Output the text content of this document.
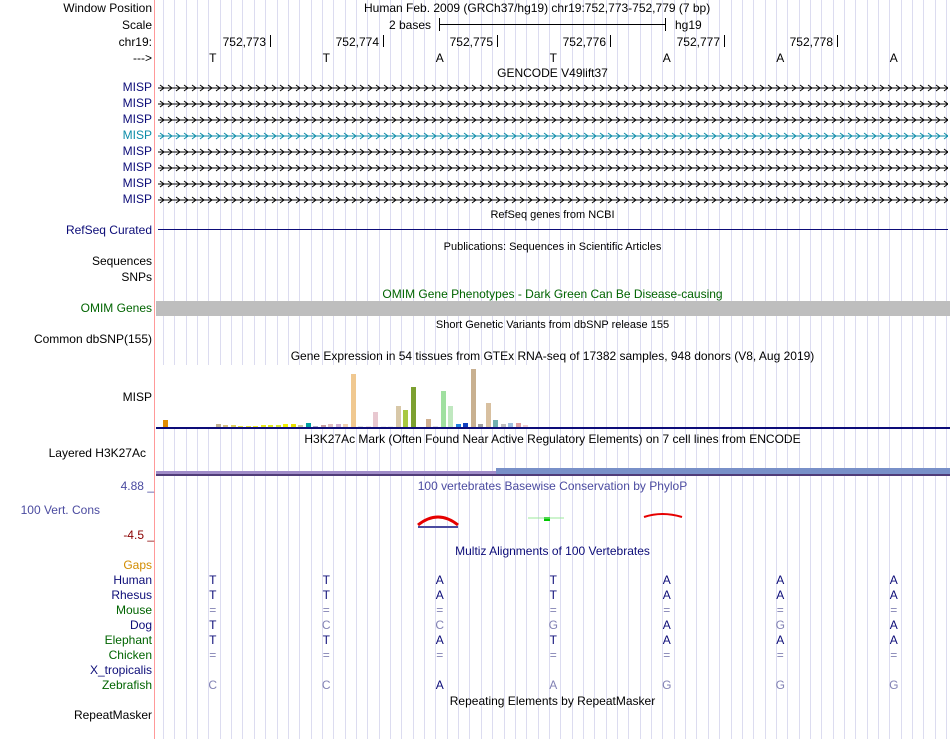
Window Position	Human Feb. 2009 (GRCh37/hg19) chr19:752,773-752,779 (7 bp)
Scale	2 bases	hg19
chr19:	752,773	752,774	752,775	752,776	752,777	752,778
--->	T	T	A	T	A	A	A
GENCODE V49lift37
MISP
MISP
MISP
MISP
MISP
MISP
MISP
MISP
RefSeq genes from NCBI
RefSeq Curated
Publications: Sequences in Scientific Articles
Sequences
SNPs
OMIM Gene Phenotypes - Dark Green Can Be Disease-causing
OMIM Genes
Short Genetic Variants from dbSNP release 155
Common dbSNP(155)
Gene Expression in 54 tissues from GTEx RNA-seq of 17382 samples, 948 donors (V8, Aug 2019)
MISP
H3K27Ac Mark (Often Found Near Active Regulatory Elements) on 7 cell lines from ENCODE
Layered H3K27Ac
4.88 _	100 vertebrates Basewise Conservation by PhyloP
100 Vert. Cons
-4.5 _
Multiz Alignments of 100 Vertebrates
Gaps
Human	T	T	A	T	A	A	A
Rhesus	T	T	A	T	A	A	A
Mouse	=	=	=	=	=	=	=
Dog	T	C	C	G	A	G	A
Elephant	T	T	A	T	A	A	A
Chicken	=	=	=	=	=	=	=
X_tropicalis
Zebrafish	C	C	A	A	G	G	G
Repeating Elements by RepeatMasker
RepeatMasker
